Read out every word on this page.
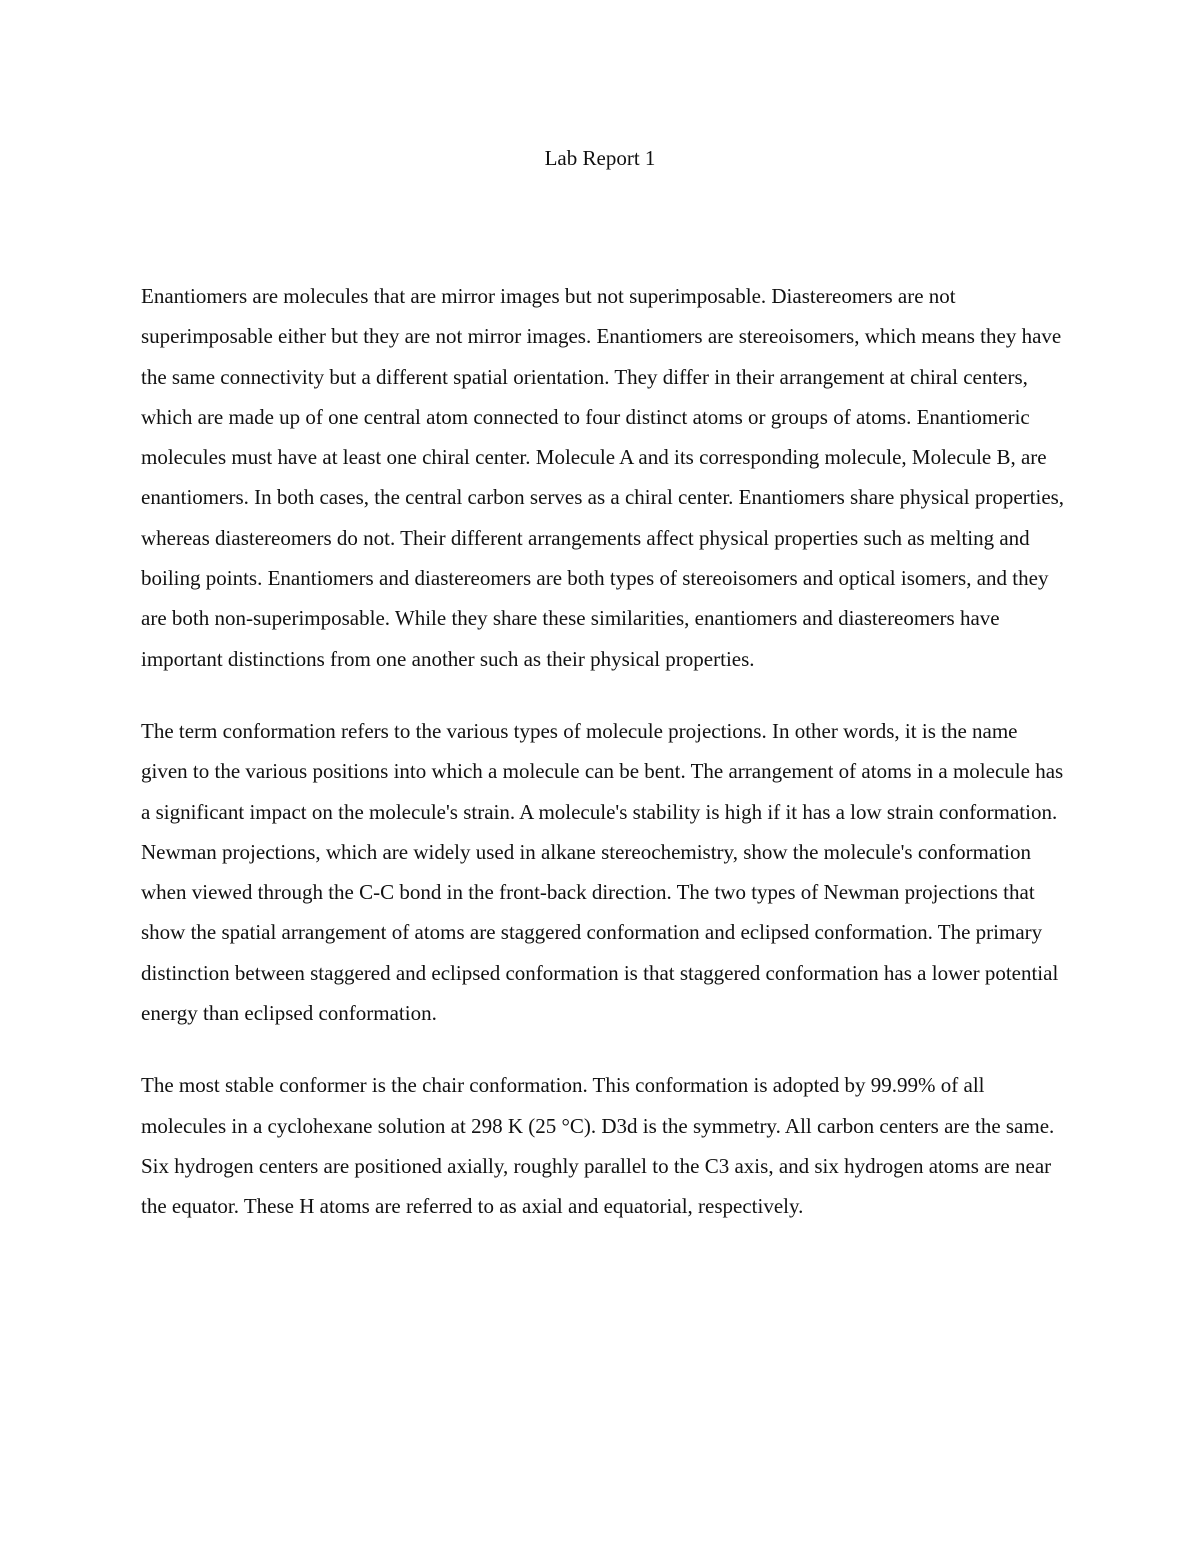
Lab Report 1

Enantiomers are molecules that are mirror images but not superimposable. Diastereomers are not superimposable either but they are not mirror images. Enantiomers are stereoisomers, which means they have the same connectivity but a different spatial orientation. They differ in their arrangement at chiral centers, which are made up of one central atom connected to four distinct atoms or groups of atoms. Enantiomeric molecules must have at least one chiral center. Molecule A and its corresponding molecule, Molecule B, are enantiomers. In both cases, the central carbon serves as a chiral center. Enantiomers share physical properties, whereas diastereomers do not. Their different arrangements affect physical properties such as melting and boiling points. Enantiomers and diastereomers are both types of stereoisomers and optical isomers, and they are both non-superimposable. While they share these similarities, enantiomers and diastereomers have important distinctions from one another such as their physical properties.

The term conformation refers to the various types of molecule projections. In other words, it is the name given to the various positions into which a molecule can be bent. The arrangement of atoms in a molecule has a significant impact on the molecule's strain. A molecule's stability is high if it has a low strain conformation. Newman projections, which are widely used in alkane stereochemistry, show the molecule's conformation when viewed through the C-C bond in the front-back direction. The two types of Newman projections that show the spatial arrangement of atoms are staggered conformation and eclipsed conformation. The primary distinction between staggered and eclipsed conformation is that staggered conformation has a lower potential energy than eclipsed conformation.

The most stable conformer is the chair conformation. This conformation is adopted by 99.99% of all molecules in a cyclohexane solution at 298 K (25 °C). D3d is the symmetry. All carbon centers are the same. Six hydrogen centers are positioned axially, roughly parallel to the C3 axis, and six hydrogen atoms are near the equator. These H atoms are referred to as axial and equatorial, respectively.
